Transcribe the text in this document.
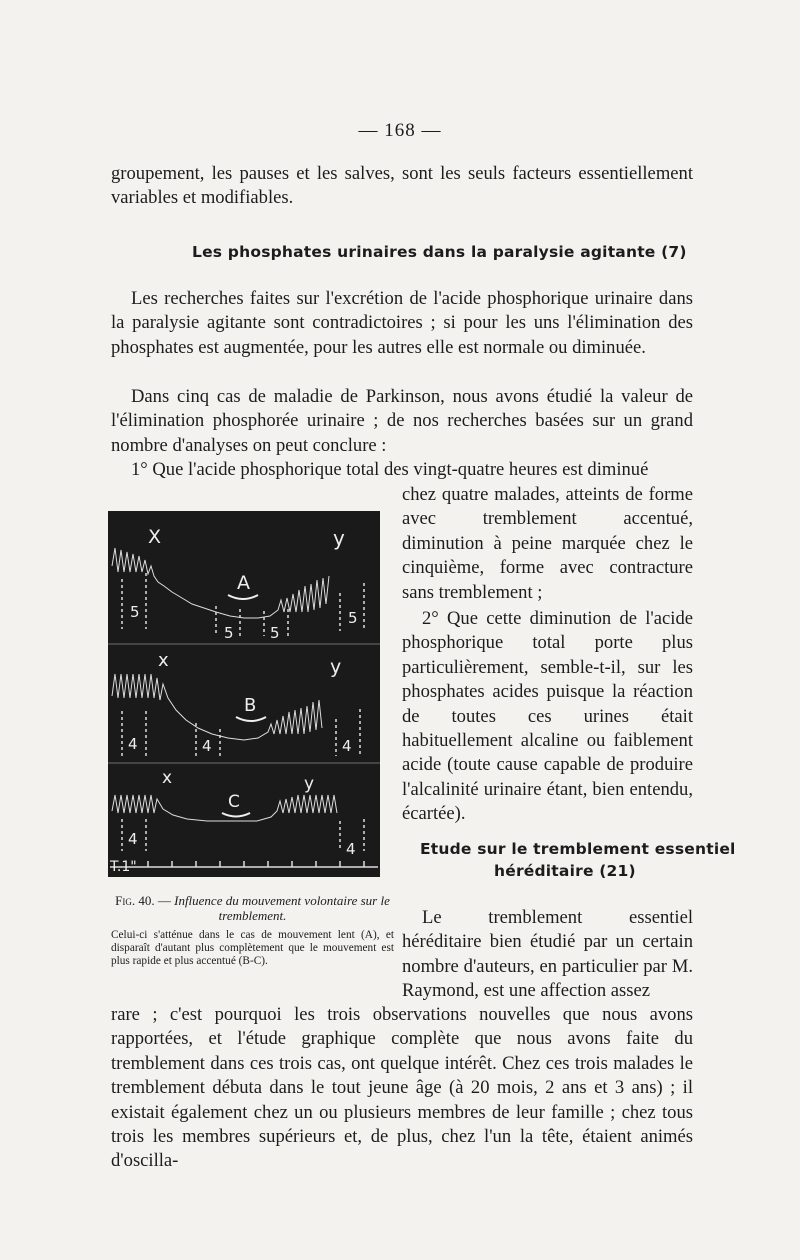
— 168 —
groupement, les pauses et les salves, sont les seuls facteurs essentiellement variables et modifiables.
Les phosphates urinaires dans la paralysie agitante (7)
Les recherches faites sur l'excrétion de l'acide phosphorique urinaire dans la paralysie agitante sont contradictoires ; si pour les uns l'élimination des phosphates est augmentée, pour les autres elle est normale ou diminuée.
Dans cinq cas de maladie de Parkinson, nous avons étudié la valeur de l'élimination phosphorée urinaire ; de nos recherches basées sur un grand nombre d'analyses on peut conclure :
1° Que l'acide phosphorique total des vingt-quatre heures est diminué
chez quatre malades, atteints de forme avec tremblement accentué, diminution à peine marquée chez le cinquième, forme avec contracture sans tremblement ;
2° Que cette diminution de l'acide phosphorique total porte plus particulièrement, semble-t-il, sur les phosphates acides puisque la réaction de toutes ces urines était habituellement alcaline ou faiblement acide (toute cause capable de produire l'alcalinité urinaire étant, bien entendu, écartée).
X	y
A
5
5 5
5
x	y
B
4	4	4
x	y
C
4
4
T.1"
Fig. 40. — Influence du mouvement volontaire sur le tremblement.
Celui-ci s'atténue dans le cas de mouvement lent (A), et disparaît d'autant plus complètement que le mouvement est plus rapide et plus accentué (B-C).
Etude sur le tremblement essentiel
héréditaire (21)
Le tremblement essentiel héréditaire bien étudié par un certain nombre d'auteurs, en particulier par M. Raymond, est une affection assez
rare ; c'est pourquoi les trois observations nouvelles que nous avons rapportées, et l'étude graphique complète que nous avons faite du tremblement dans ces trois cas, ont quelque intérêt. Chez ces trois malades le tremblement débuta dans le tout jeune âge (à 20 mois, 2 ans et 3 ans) ; il existait également chez un ou plusieurs membres de leur famille ; chez tous trois les membres supérieurs et, de plus, chez l'un la tête, étaient animés d'oscilla-
